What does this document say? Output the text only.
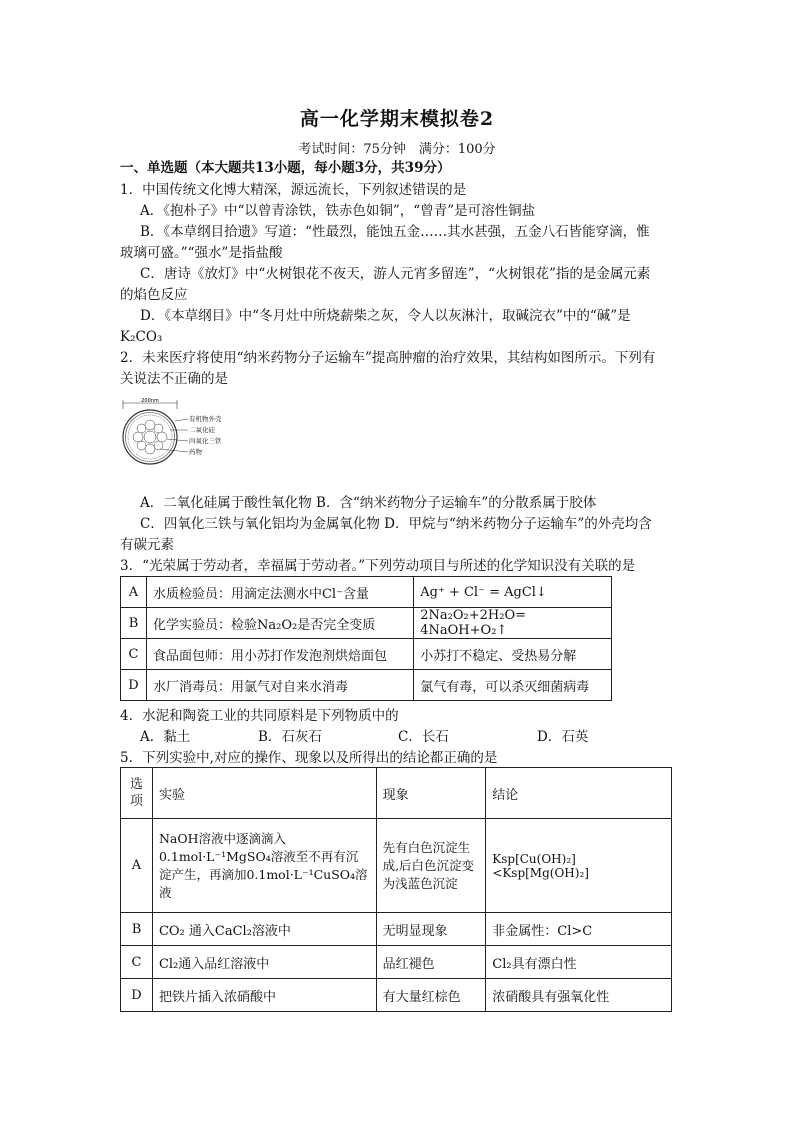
高一化学期末模拟卷2
考试时间：75分钟　满分：100分
一、单选题（本大题共13小题，每小题3分，共39分）
1．中国传统文化博大精深，源远流长，下列叙述错误的是
A．《抱朴子》中“以曾青涂铁，铁赤色如铜”，“曾青”是可溶性铜盐
B．《本草纲目拾遗》写道：“性最烈，能蚀五金……其水甚强，五金八石皆能穿滴，惟
玻璃可盛。”“强水”是指盐酸
C．唐诗《放灯》中“火树银花不夜天，游人元宵多留连”，“火树银花”指的是金属元素
的焰色反应
D．《本草纲目》中“冬月灶中所烧薪柴之灰，令人以灰淋汁，取碱浣衣”中的“碱”是
K₂CO₃
2．未来医疗将使用“纳米药物分子运输车”提高肿瘤的治疗效果，其结构如图所示。下列有
关说法不正确的是
200nm
有机物外壳
二氧化硅
四氧化三铁
药物
A．二氧化硅属于酸性氧化物 B．含“纳米药物分子运输车”的分散系属于胶体
C．四氧化三铁与氧化铝均为金属氧化物 D．甲烷与“纳米药物分子运输车”的外壳均含
有碳元素
3．“光荣属于劳动者，幸福属于劳动者。”下列劳动项目与所述的化学知识没有关联的是
A	水质检验员：用滴定法测水中Cl⁻含量	Ag⁺ + Cl⁻ = AgCl↓
B	化学实验员：检验Na₂O₂是否完全变质	2Na₂O₂+2H₂O= 4NaOH+O₂↑
C	食品面包师：用小苏打作发泡剂烘焙面包	小苏打不稳定、受热易分解
D	水厂消毒员：用氯气对自来水消毒	氯气有毒，可以杀灭细菌病毒
4．水泥和陶瓷工业的共同原料是下列物质中的
A．黏土	B．石灰石	C．长石	D．石英
5．下列实验中,对应的操作、现象以及所得出的结论都正确的是
选项	实验	现象	结论
A	NaOH溶液中逐滴滴入0.1mol·L⁻¹MgSO₄溶液至不再有沉淀产生，再滴加0.1mol·L⁻¹CuSO₄溶液	先有白色沉淀生成,后白色沉淀变为浅蓝色沉淀	Ksp[Cu(OH)₂]<Ksp[Mg(OH)₂]
B	CO₂ 通入CaCl₂溶液中	无明显现象	非金属性：Cl>C
C	Cl₂通入品红溶液中	品红褪色	Cl₂具有漂白性
D	把铁片插入浓硝酸中	有大量红棕色	浓硝酸具有强氧化性
